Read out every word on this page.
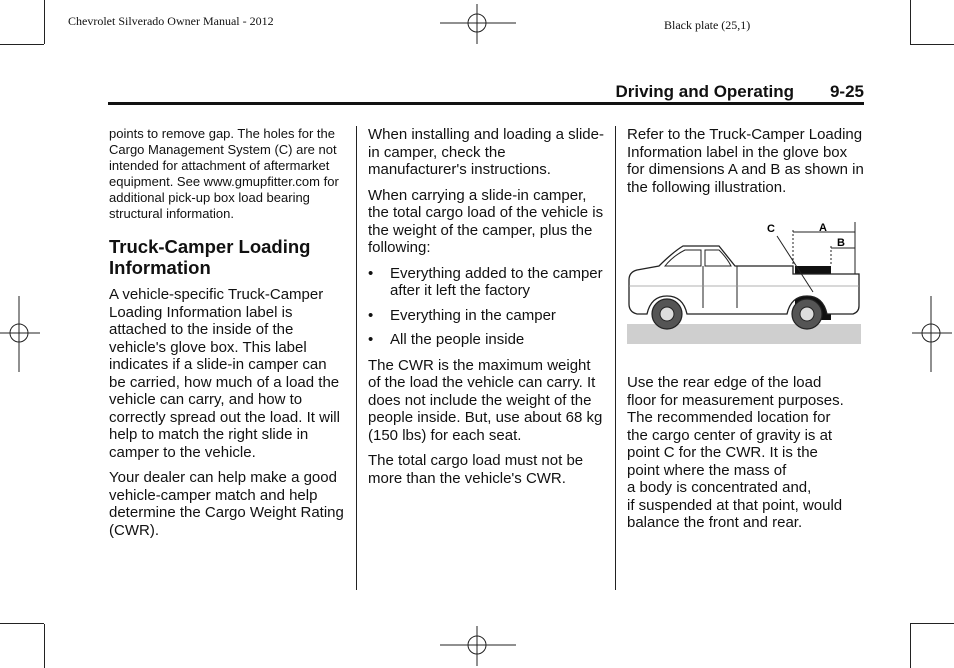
Chevrolet Silverado Owner Manual - 2012	Black plate (25,1)
Driving and Operating 9-25

points to remove gap. The holes for the Cargo Management System (C) are not intended for attachment of aftermarket equipment. See www.gmupfitter.com for additional pick-up box load bearing structural information.

Truck-Camper Loading Information

A vehicle-specific Truck-Camper Loading Information label is attached to the inside of the vehicle's glove box. This label indicates if a slide-in camper can be carried, how much of a load the vehicle can carry, and how to correctly spread out the load. It will help to match the right slide in camper to the vehicle.

Your dealer can help make a good vehicle-camper match and help determine the Cargo Weight Rating (CWR).

When installing and loading a slide-in camper, check the manufacturer's instructions.

When carrying a slide-in camper, the total cargo load of the vehicle is the weight of the camper, plus the following:

• Everything added to the camper after it left the factory
• Everything in the camper
• All the people inside

The CWR is the maximum weight of the load the vehicle can carry. It does not include the weight of the people inside. But, use about 68 kg (150 lbs) for each seat.

The total cargo load must not be more than the vehicle's CWR.

Refer to the Truck-Camper Loading Information label in the glove box for dimensions A and B as shown in the following illustration.

A
B
C

Use the rear edge of the load
floor for measurement purposes.
The recommended location for
the cargo center of gravity is at
point C for the CWR. It is the
point where the mass of
a body is concentrated and,
if suspended at that point, would
balance the front and rear.
